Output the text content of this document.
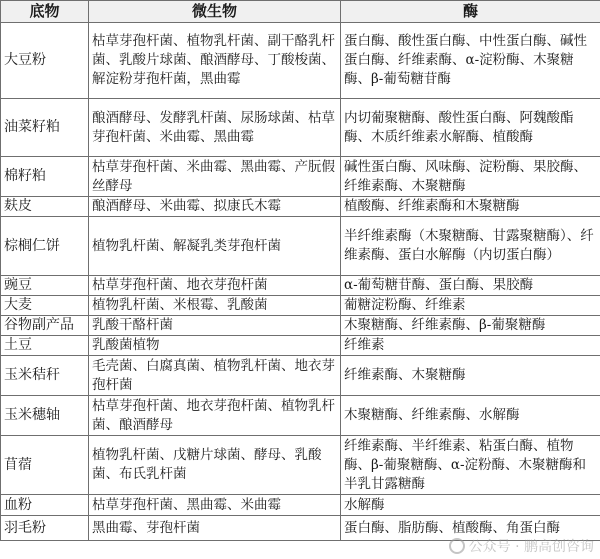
底物	微生物	酶
大豆粉	枯草芽孢杆菌、植物乳杆菌、副干酪乳杆菌、乳酸片球菌、酿酒酵母、丁酸梭菌、解淀粉芽孢杆菌，黑曲霉	蛋白酶、酸性蛋白酶、中性蛋白酶、碱性蛋白酶、纤维素酶、α-淀粉酶、木聚糖酶、β-葡萄糖苷酶
油菜籽粕	酿酒酵母、发酵乳杆菌、尿肠球菌、枯草芽孢杆菌、米曲霉、黑曲霉	内切葡聚糖酶、酸性蛋白酶、阿魏酸酯酶、木质纤维素水解酶、植酸酶
棉籽粕	枯草芽孢杆菌、米曲霉、黑曲霉、产朊假丝酵母	碱性蛋白酶、风味酶、淀粉酶、果胶酶、纤维素酶、木聚糖酶
麸皮	酿酒酵母、米曲霉、拟康氏木霉	植酸酶、纤维素酶和木聚糖酶
棕榈仁饼	植物乳杆菌、解凝乳类芽孢杆菌	半纤维素酶（木聚糖酶、甘露聚糖酶）、纤维素酶、蛋白水解酶（内切蛋白酶）
豌豆	枯草芽孢杆菌、地衣芽孢杆菌	α-葡萄糖苷酶、蛋白酶、果胶酶
大麦	植物乳杆菌、米根霉、乳酸菌	葡糖淀粉酶、纤维素
谷物副产品	乳酸干酪杆菌	木聚糖酶、纤维素酶、β-葡聚糖酶
土豆	乳酸菌植物	纤维素
玉米秸秆	毛壳菌、白腐真菌、植物乳杆菌、地衣芽孢杆菌	纤维素酶、木聚糖酶
玉米穗轴	枯草芽孢杆菌、地衣芽孢杆菌、植物乳杆菌、酿酒酵母	木聚糖酶、纤维素酶、水解酶
苜蓿	植物乳杆菌、戊糖片球菌、酵母、乳酸菌、布氏乳杆菌	纤维素酶、半纤维素、粘蛋白酶、植物酶、β-葡聚糖酶、α-淀粉酶、木聚糖酶和半乳甘露糖酶
血粉	枯草芽孢杆菌、黑曲霉、米曲霉	水解酶
羽毛粉	黑曲霉、芽孢杆菌	蛋白酶、脂肪酶、植酸酶、角蛋白酶
公众号 · 鹏高创咨询
